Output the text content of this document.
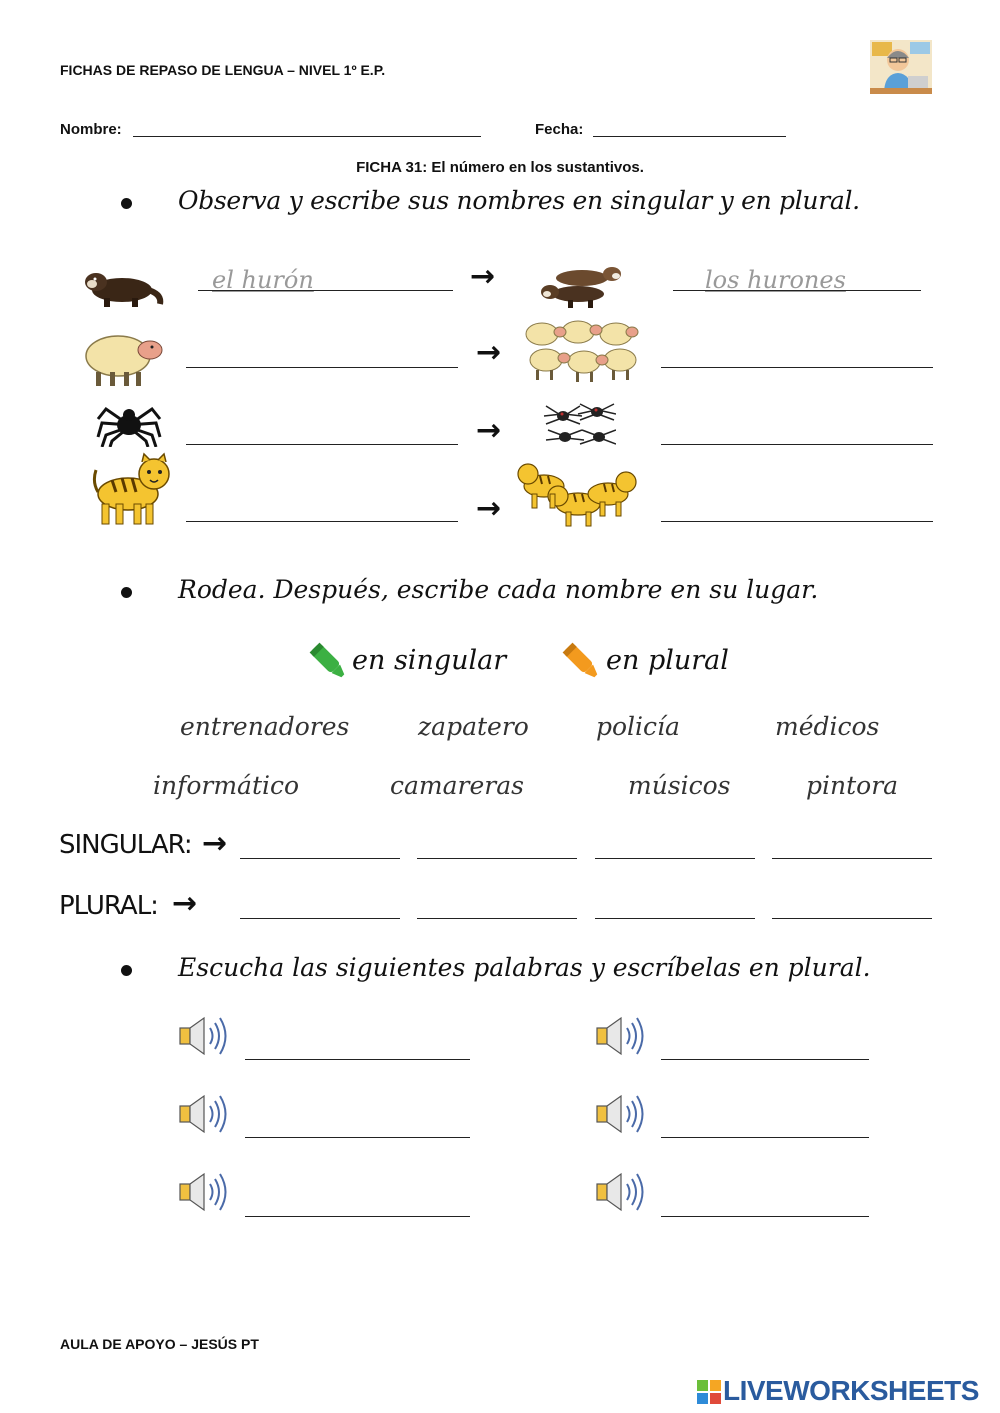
FICHAS DE REPASO DE LENGUA – NIVEL 1º E.P.
Nombre:	Fecha:
FICHA 31: El número en los sustantivos.
Observa y escribe sus nombres en singular y en plural.
el hurón	→	los hurones
→
→
→
Rodea. Después, escribe cada nombre en su lugar.
en singular	en plural
entrenadores	zapatero	policía	médicos
informático	camareras	músicos	pintora
SINGULAR: →
PLURAL: →
Escucha las siguientes palabras y escríbelas en plural.
AULA DE APOYO – JESÚS PT
LIVEWORKSHEETS
